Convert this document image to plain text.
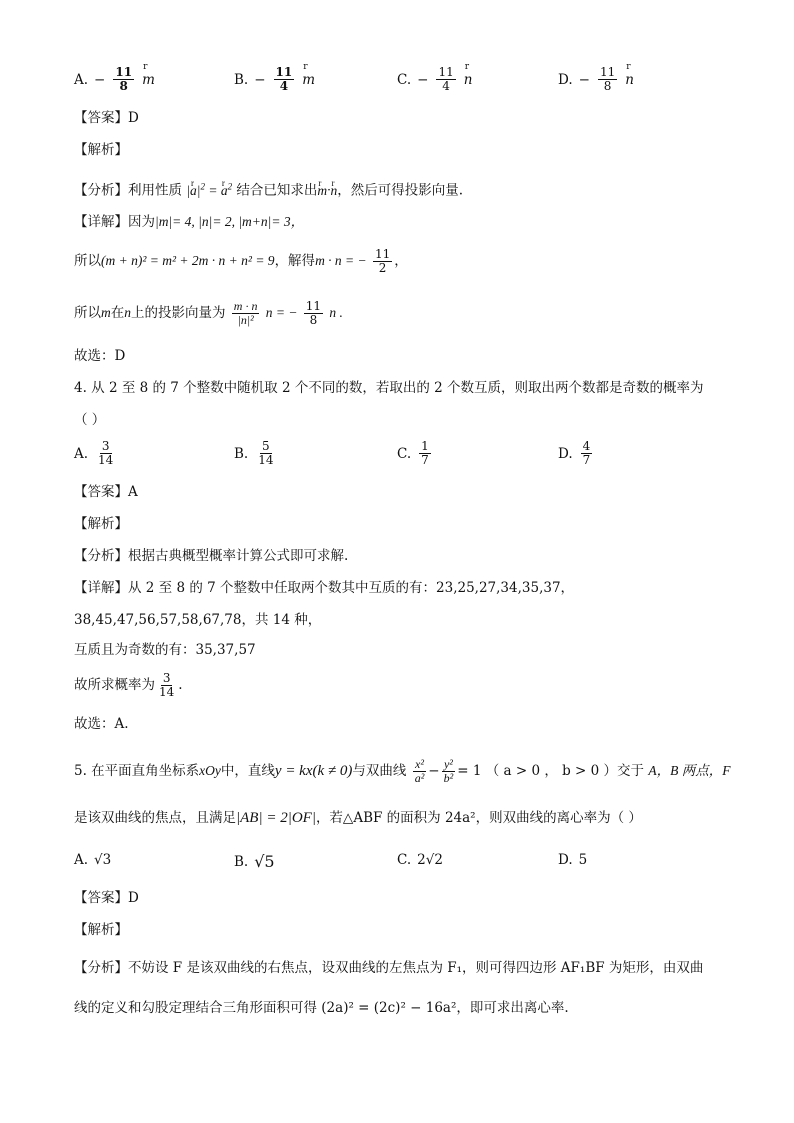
A. − $\frac{11}{8}$ r m	B. − $\frac{11}{4}$ r m	C. − $\frac{11}{4}$ r n	D. − $\frac{11}{8}$ r n
【答案】D
【解析】
【分析】利用性质 |r $a|^2 = r$ $a^2$ 结合已知求出r m·r n，然后可得投影向量.
【详解】因为|m|= 4, |n|= 2, |m+n|= 3，
所以(m + n)² = m² + 2m · n + n² = 9，解得m · n = − $\frac{11}{2}$ ，
所以m在n上的投影向量为 $\frac{m \cdot n}{\text{|n|²}}$ n = − $\frac{11}{8}$ n .
故选：D
4. 从 2 至 8 的 7 个整数中随机取 2 个不同的数，若取出的 2 个数互质，则取出两个数都是奇数的概率为
（ ）
A. $\frac{3}{14}$	B. $\frac{5}{14}$	C. $\frac{1}{7}$	D. $\frac{4}{7}$
【答案】A
【解析】
【分析】根据古典概型概率计算公式即可求解.
【详解】从 2 至 8 的 7 个整数中任取两个数其中互质的有：23,25,27,34,35,37，
38,45,47,56,57,58,67,78，共 14 种，
互质且为奇数的有：35,37,57
故所求概率为 $\frac{3}{14}$ .
故选：A.
5. 在平面直角坐标系xOy中，直线y = kx(k ≠ 0)与双曲线 $\frac{\text{x²}}{\text{a²}} - \frac{\text{y²}}{\text{b²}} = 1$ （ a > 0 ， b > 0 ）交于 A，B 两点，F
是该双曲线的焦点，且满足|AB| = 2|OF|，若△ABF 的面积为 24a²，则双曲线的离心率为（ ）
A. √3	B. √5	C. 2√2	D. 5
【答案】D
【解析】
【分析】不妨设 F 是该双曲线的右焦点，设双曲线的左焦点为 F₁，则可得四边形 AF₁BF 为矩形，由双曲
线的定义和勾股定理结合三角形面积可得 (2a)² = (2c)² − 16a²，即可求出离心率.
